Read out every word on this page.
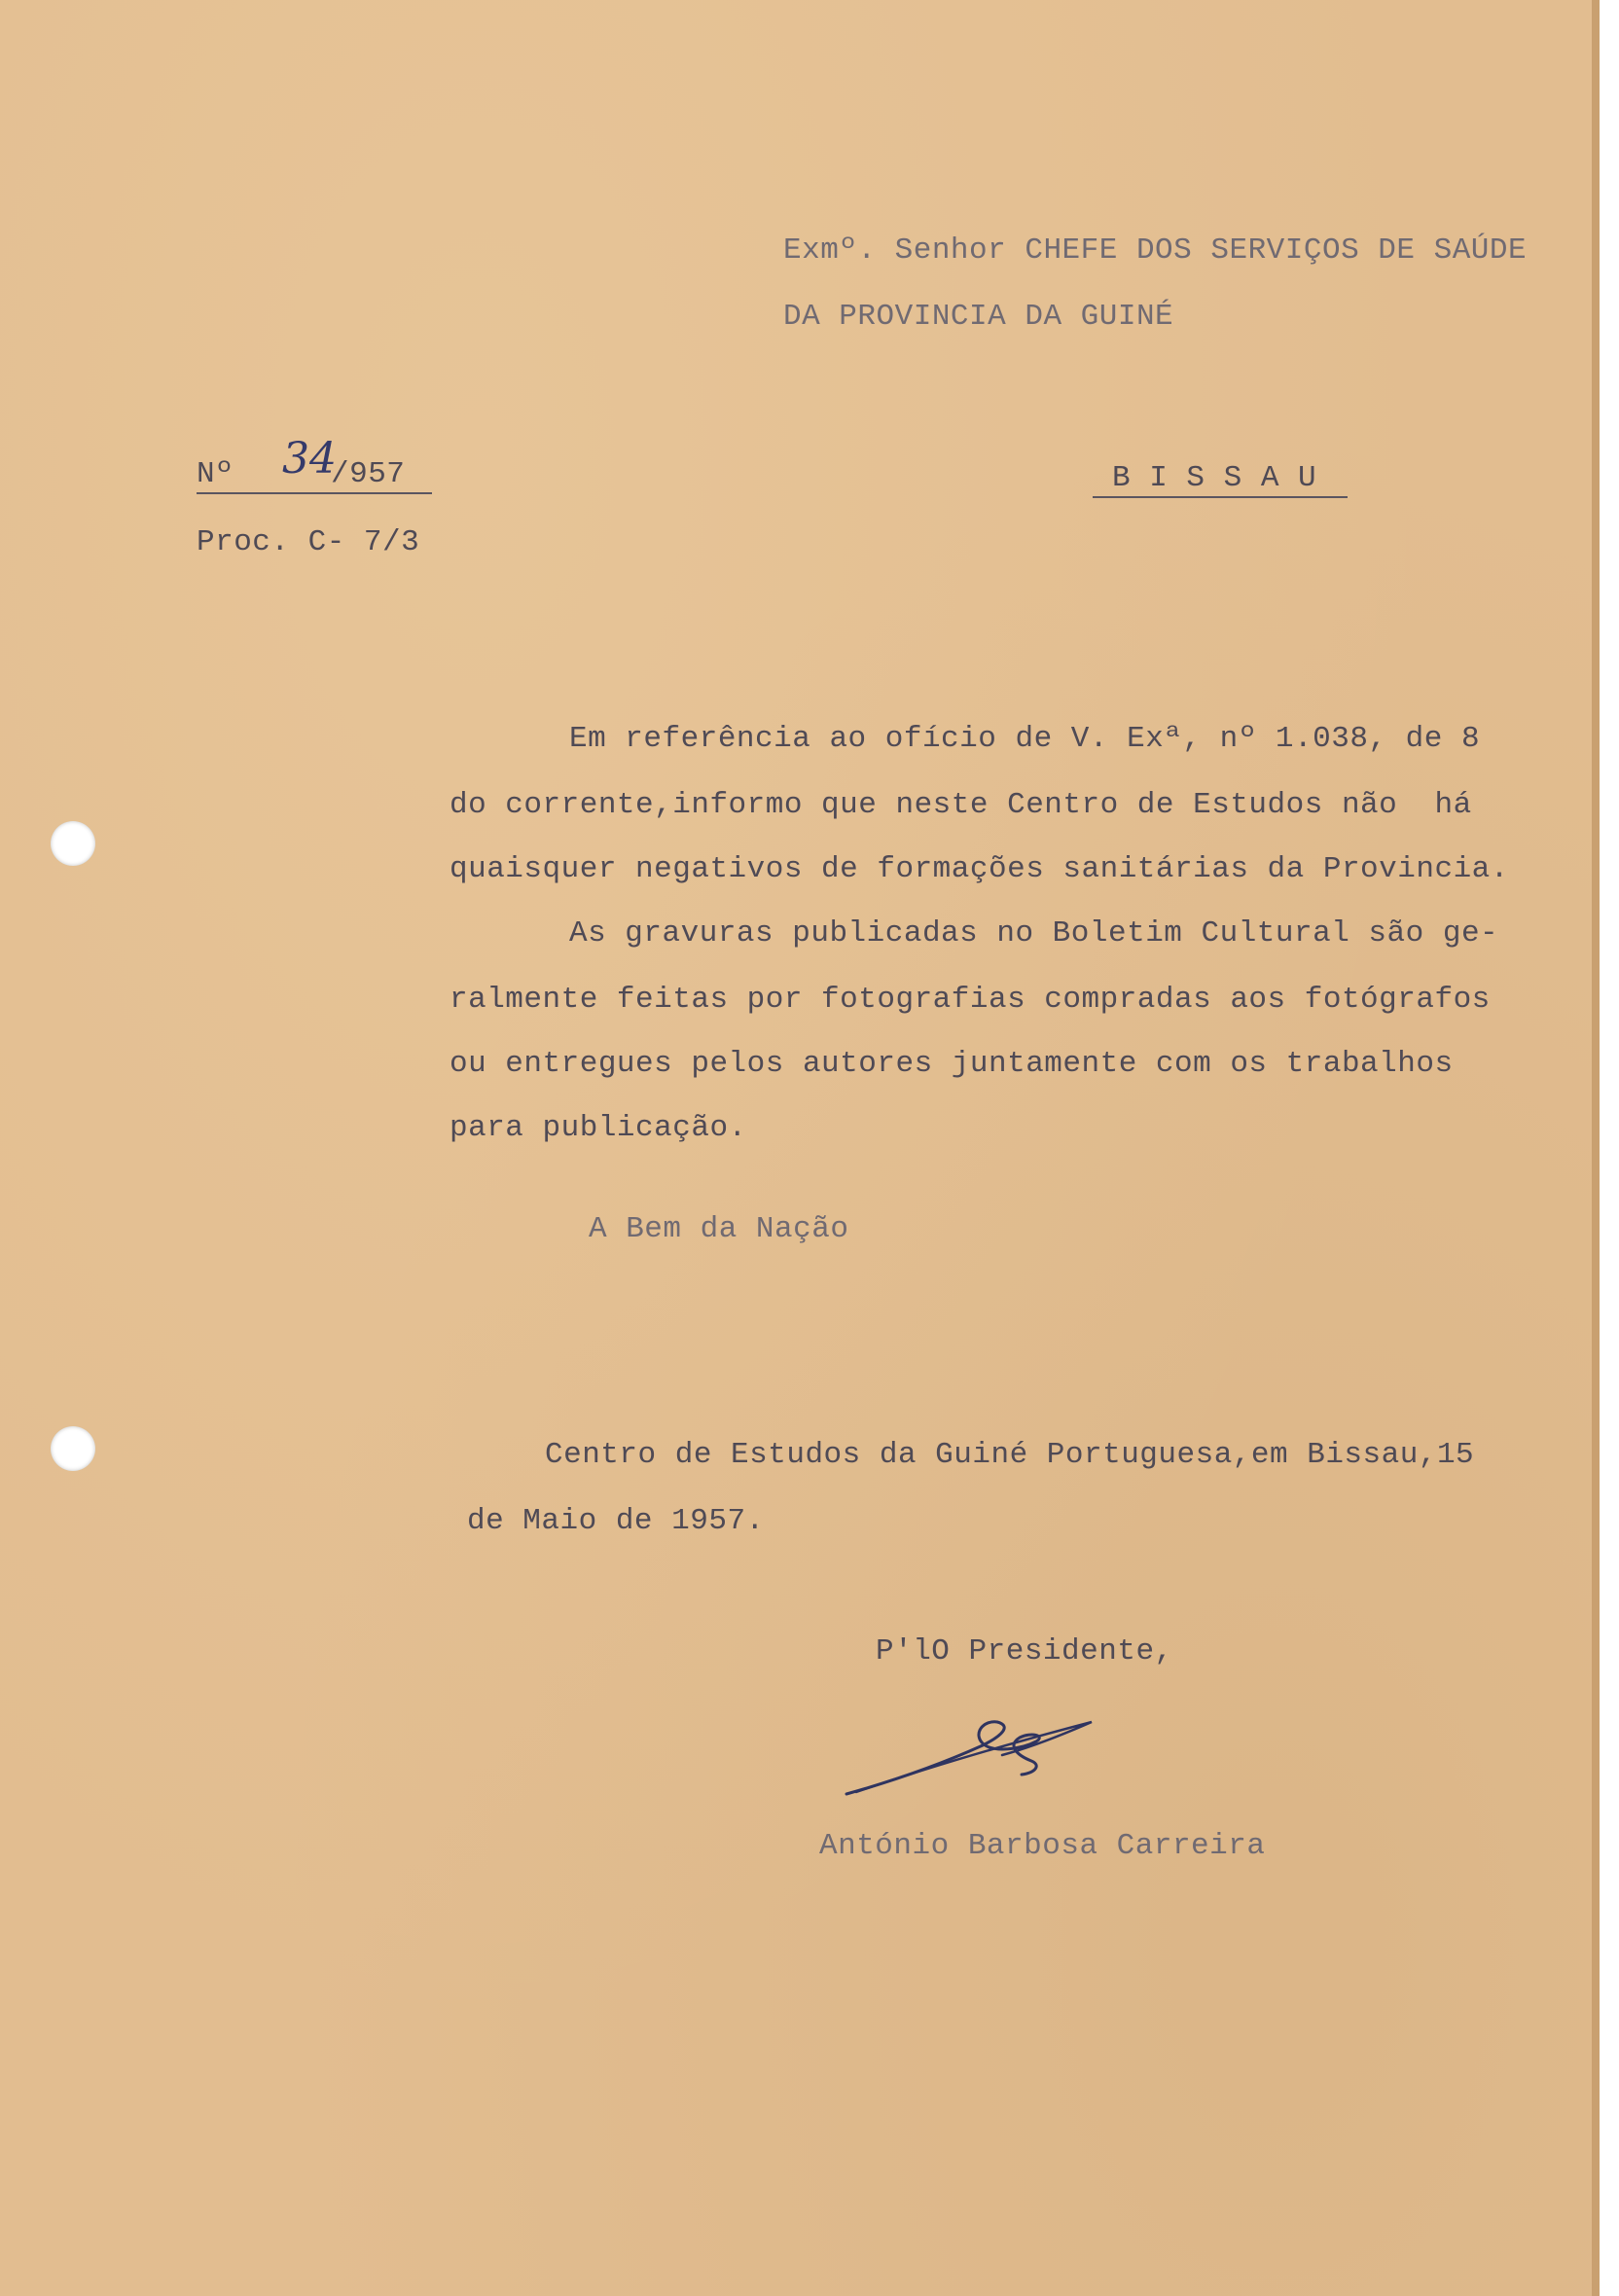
Exmº. Senhor CHEFE DOS SERVIÇOS DE SAÚDE
DA PROVINCIA DA GUINÉ
Nº 34
/957
Proc. C- 7/3
B I S S A U
Em referência ao ofício de V. Exª, nº 1.038, de 8
do corrente,informo que neste Centro de Estudos não  há
quaisquer negativos de formações sanitárias da Provincia.
As gravuras publicadas no Boletim Cultural são ge-
ralmente feitas por fotografias compradas aos fotógrafos
ou entregues pelos autores juntamente com os trabalhos
para publicação.
A Bem da Nação
Centro de Estudos da Guiné Portuguesa,em Bissau,15
de Maio de 1957.
P'lO Presidente,
António Barbosa Carreira
